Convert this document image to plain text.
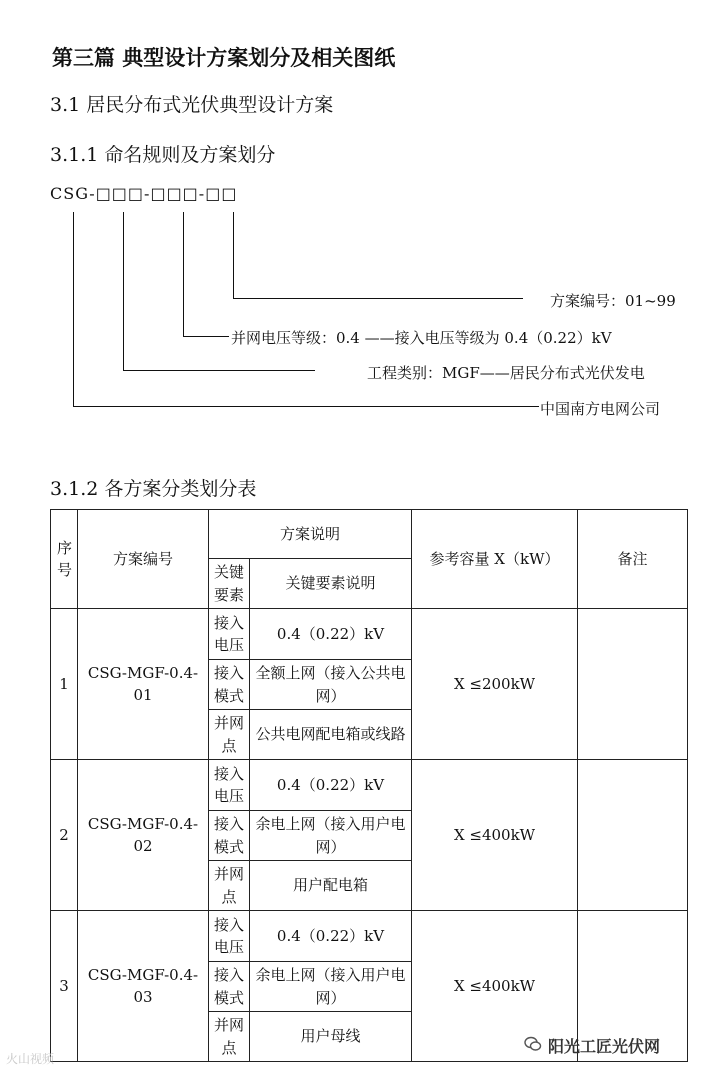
第三篇 典型设计方案划分及相关图纸
3.1 居民分布式光伏典型设计方案
3.1.1 命名规则及方案划分
CSG-□□□-□□□-□□
方案编号：01~99
并网电压等级：0.4 ——接入电压等级为 0.4（0.22）kV
工程类别：MGF——居民分布式光伏发电
中国南方电网公司
3.1.2 各方案分类划分表
序号	方案编号	方案说明		参考容量 X（kW）	备注
		关键要素	关键要素说明		
1	CSG-MGF-0.4-01	接入电压	0.4（0.22）kV	X ≤200kW	
		接入模式	全额上网（接入公共电网）		
		并网点	公共电网配电箱或线路		
2	CSG-MGF-0.4-02	接入电压	0.4（0.22）kV	X ≤400kW	
		接入模式	余电上网（接入用户电网）		
		并网点	用户配电箱		
3	CSG-MGF-0.4-03	接入电压	0.4（0.22）kV	X ≤400kW	
		接入模式	余电上网（接入用户电网）		
		并网点	用户母线		
火山视频
阳光工匠光伏网
